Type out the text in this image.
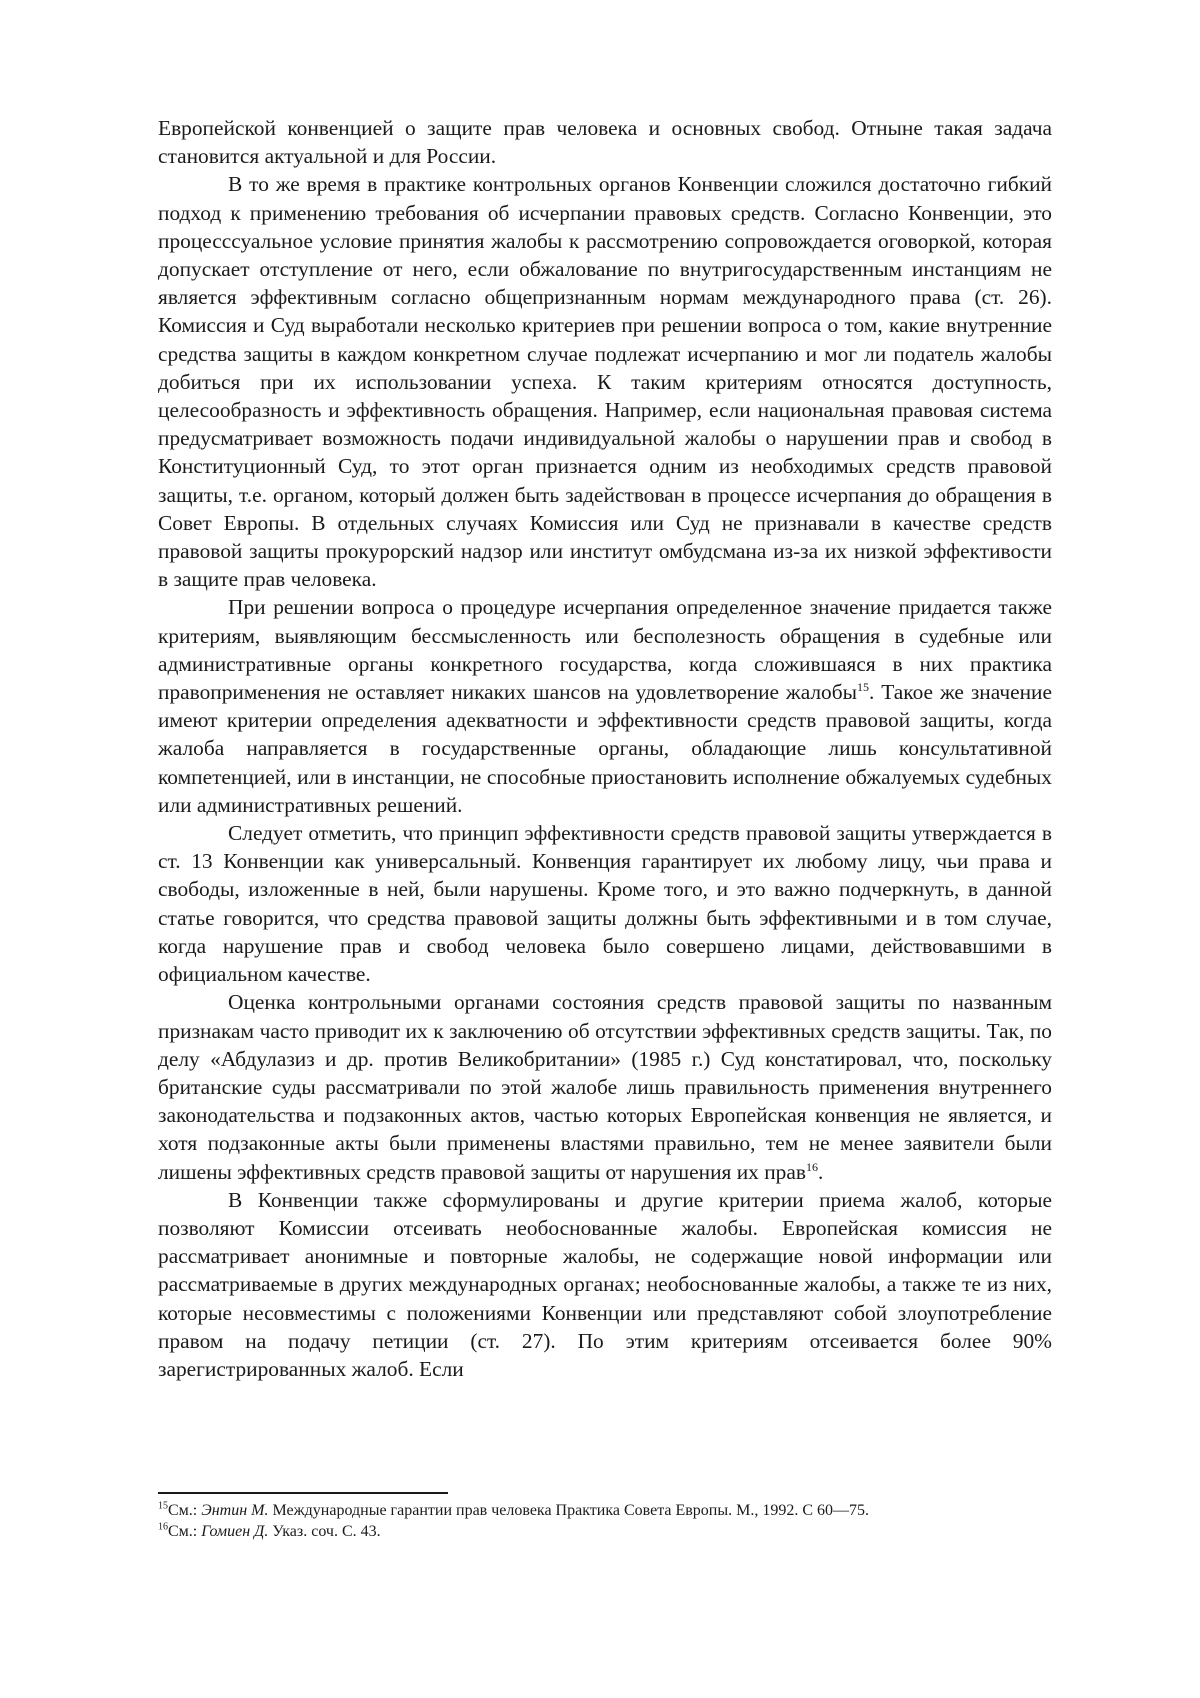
Европейской конвенцией о защите прав человека и основных свобод. Отныне такая задача становится актуальной и для России.

В то же время в практике контрольных органов Конвенции сложился достаточно гибкий подход к применению требования об исчерпании правовых средств. Согласно Конвенции, это процесссуальное условие принятия жалобы к рассмотрению сопровождается оговоркой, которая допускает отступление от него, если обжалование по внутригосударственным инстанциям не является эффективным согласно общепризнанным нормам международного права (ст. 26). Комиссия и Суд выработали несколько критериев при решении вопроса о том, какие внутренние средства защиты в каждом конкретном случае подлежат исчерпанию и мог ли податель жалобы добиться при их использовании успеха. К таким критериям относятся доступность, целесообразность и эффективность обращения. Например, если национальная правовая система предусматривает возможность подачи индивидуальной жалобы о нарушении прав и свобод в Конституционный Суд, то этот орган признается одним из необходимых средств правовой защиты, т.е. органом, который должен быть задействован в процессе исчерпания до обращения в Совет Европы. В отдельных случаях Комиссия или Суд не признавали в качестве средств правовой защиты прокурорский надзор или институт омбудсмана из-за их низкой эффективости в защите прав человека.

При решении вопроса о процедуре исчерпания определенное значение придается также критериям, выявляющим бессмысленность или бесполезность обращения в судебные или административные органы конкретного государства, когда сложившаяся в них практика правоприменения не оставляет никаких шансов на удовлетворение жалобы15. Такое же значение имеют критерии определения адекватности и эффективности средств правовой защиты, когда жалоба направляется в государственные органы, обладающие лишь консультативной компетенцией, или в инстанции, не способные приостановить исполнение обжалуемых судебных или административных решений.

Следует отметить, что принцип эффективности средств правовой защиты утверждается в ст. 13 Конвенции как универсальный. Конвенция гарантирует их любому лицу, чьи права и свободы, изложенные в ней, были нарушены. Кроме того, и это важно подчеркнуть, в данной статье говорится, что средства правовой защиты должны быть эффективными и в том случае, когда нарушение прав и свобод человека было совершено лицами, действовавшими в официальном качестве.

Оценка контрольными органами состояния средств правовой защиты по названным признакам часто приводит их к заключению об отсутствии эффективных средств защиты. Так, по делу «Абдулазиз и др. против Великобритании» (1985 г.) Суд констатировал, что, поскольку британские суды рассматривали по этой жалобе лишь правильность применения внутреннего законодательства и подзаконных актов, частью которых Европейская конвенция не является, и хотя подзаконные акты были применены властями правильно, тем не менее заявители были лишены эффективных средств правовой защиты от нарушения их прав16.

В Конвенции также сформулированы и другие критерии приема жалоб, которые позволяют Комиссии отсеивать необоснованные жалобы. Европейская комиссия не рассматривает анонимные и повторные жалобы, не содержащие новой информации или рассматриваемые в других международных органах; необоснованные жалобы, а также те из них, которые несовместимы с положениями Конвенции или представляют собой злоупотребление правом на подачу петиции (ст. 27). По этим критериям отсеивается более 90% зарегистрированных жалоб. Если

15См.: Энтин М. Международные гарантии прав человека Практика Совета Европы. М., 1992. С 60—75.

16См.: Гомиен Д. Указ. соч. С. 43.
